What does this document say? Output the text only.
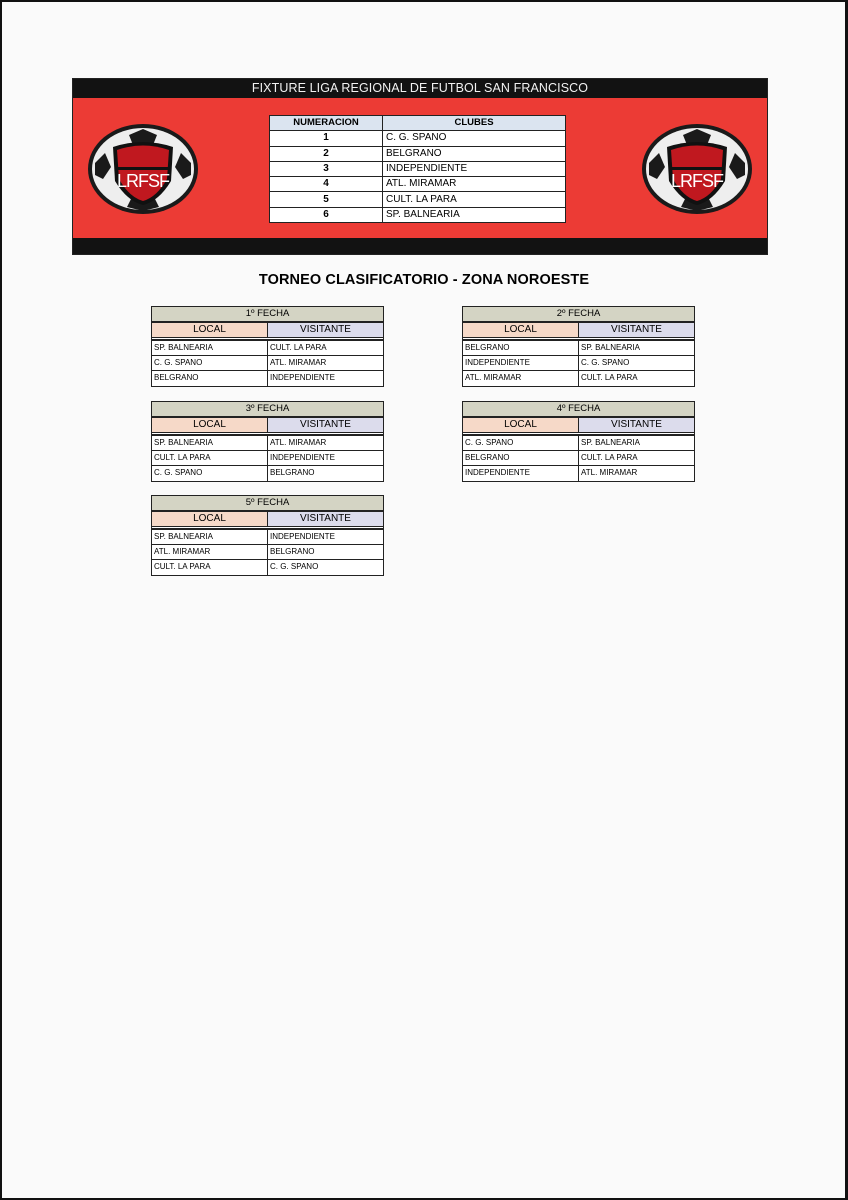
FIXTURE LIGA REGIONAL DE FUTBOL SAN FRANCISCO
LRFSF
NUMERACION	CLUBES
1	C. G. SPANO
2	BELGRANO
3	INDEPENDIENTE
4	ATL. MIRAMAR
5	CULT. LA PARA
6	SP. BALNEARIA
LRFSF
TORNEO CLASIFICATORIO - ZONA NOROESTE
1º FECHA	
LOCAL	VISITANTE

SP. BALNEARIA	CULT. LA PARA
C. G. SPANO	ATL. MIRAMAR
BELGRANO	INDEPENDIENTE
2º FECHA	
LOCAL	VISITANTE

BELGRANO	SP. BALNEARIA
INDEPENDIENTE	C. G. SPANO
ATL. MIRAMAR	CULT. LA PARA
3º FECHA	
LOCAL	VISITANTE

SP. BALNEARIA	ATL. MIRAMAR
CULT. LA PARA	INDEPENDIENTE
C. G. SPANO	BELGRANO
4º FECHA	
LOCAL	VISITANTE

C. G. SPANO	SP. BALNEARIA
BELGRANO	CULT. LA PARA
INDEPENDIENTE	ATL. MIRAMAR
5º FECHA	
LOCAL	VISITANTE

SP. BALNEARIA	INDEPENDIENTE
ATL. MIRAMAR	BELGRANO
CULT. LA PARA	C. G. SPANO
